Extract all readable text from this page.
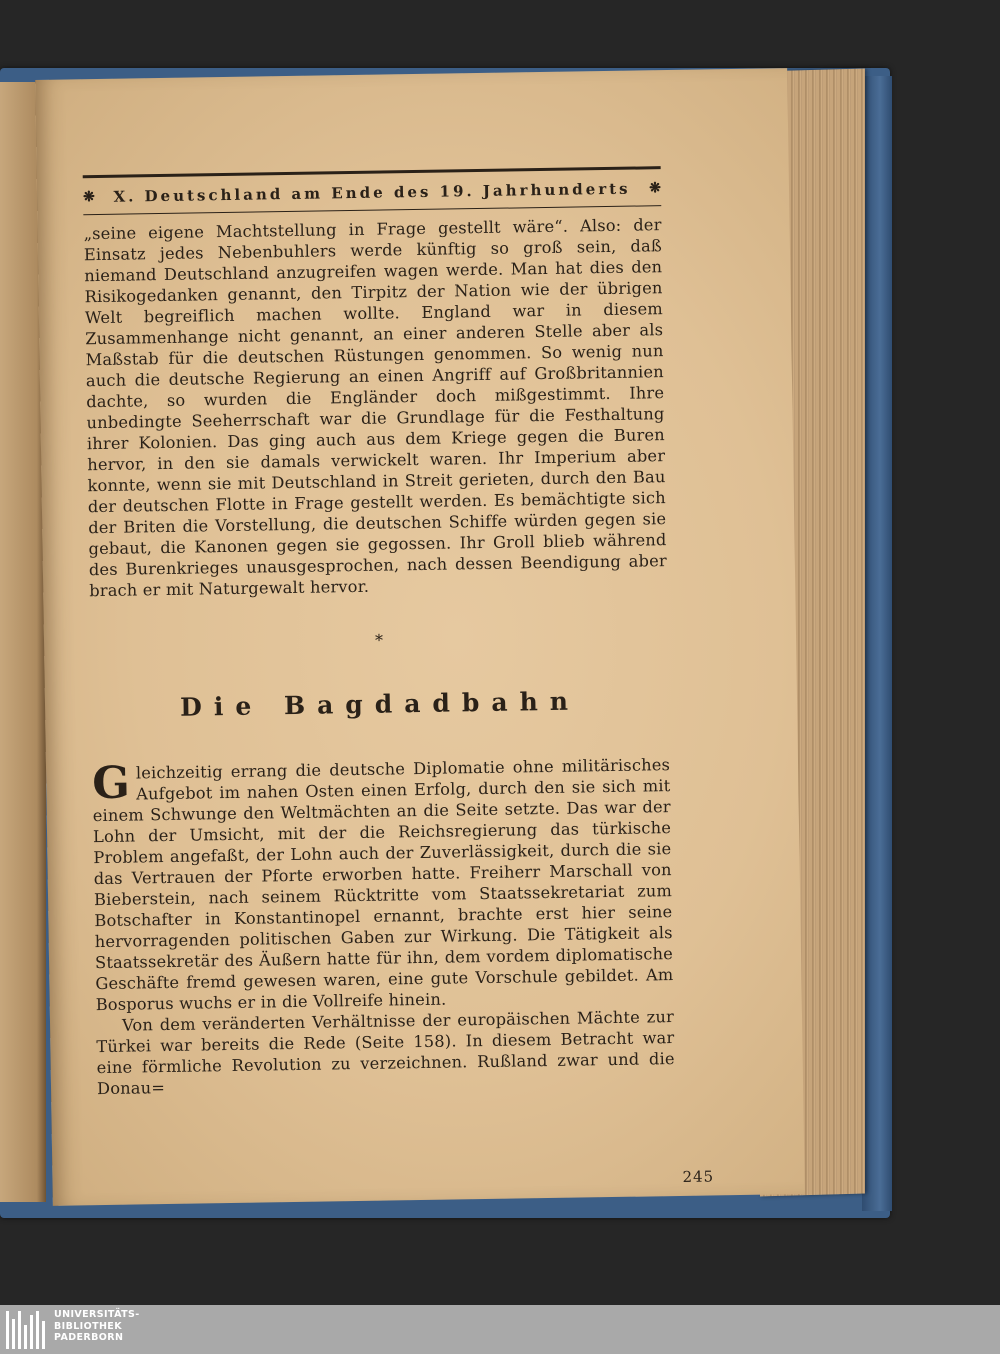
❋ X. Deutschland am Ende des 19. Jahrhunderts ❋

„seine eigene Machtstellung in Frage gestellt wäre“. Also: der Einsatz jedes Nebenbuhlers werde künftig so groß sein, daß niemand Deutschland anzugreifen wagen werde. Man hat dies den Risikogedanken genannt, den Tirpitz der Nation wie der übrigen Welt begreiflich machen wollte. England war in diesem Zusammenhange nicht genannt, an einer anderen Stelle aber als Maßstab für die deutschen Rüstungen genommen. So wenig nun auch die deutsche Regierung an einen Angriff auf Großbritannien dachte, so wurden die Engländer doch mißgestimmt. Ihre unbedingte Seeherrschaft war die Grundlage für die Festhaltung ihrer Kolonien. Das ging auch aus dem Kriege gegen die Buren hervor, in den sie damals verwickelt waren. Ihr Imperium aber konnte, wenn sie mit Deutschland in Streit gerieten, durch den Bau der deutschen Flotte in Frage gestellt werden. Es bemächtigte sich der Briten die Vorstellung, die deutschen Schiffe würden gegen sie gebaut, die Kanonen gegen sie gegossen. Ihr Groll blieb während des Burenkrieges unausgesprochen, nach dessen Beendigung aber brach er mit Naturgewalt hervor.

*
Die Bagdadbahn

Gleichzeitig errang die deutsche Diplomatie ohne militärisches Aufgebot im nahen Osten einen Erfolg, durch den sie sich mit einem Schwunge den Weltmächten an die Seite setzte. Das war der Lohn der Umsicht, mit der die Reichsregierung das türkische Problem angefaßt, der Lohn auch der Zuverlässigkeit, durch die sie das Vertrauen der Pforte erworben hatte. Freiherr Marschall von Bieberstein, nach seinem Rücktritte vom Staatssekretariat zum Botschafter in Konstantinopel ernannt, brachte erst hier seine hervorragenden politischen Gaben zur Wirkung. Die Tätigkeit als Staatssekretär des Äußern hatte für ihn, dem vordem diplomatische Geschäfte fremd gewesen waren, eine gute Vorschule gebildet. Am Bosporus wuchs er in die Vollreife hinein.

Von dem veränderten Verhältnisse der europäischen Mächte zur Türkei war bereits die Rede (Seite 158). In diesem Betracht war eine förmliche Revolution zu verzeichnen. Rußland zwar und die Donau=

245
UNIVERSITÄTS-
BIBLIOTHEK
PADERBORN
